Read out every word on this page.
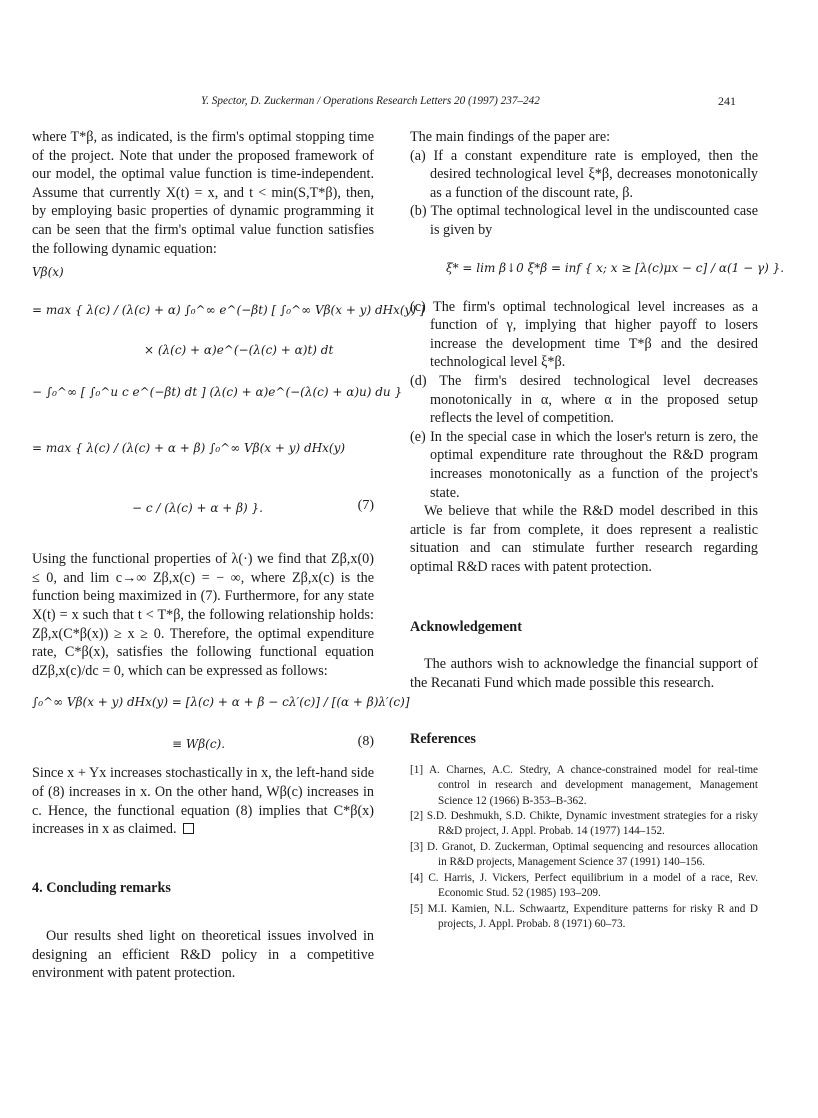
Y. Spector, D. Zuckerman / Operations Research Letters 20 (1997) 237–242	241

where T*β, as indicated, is the firm's optimal stopping time of the project. Note that under the proposed framework of our model, the optimal value function is time-independent. Assume that currently X(t) = x, and t < min(S,T*β), then, by employing basic properties of dynamic programming it can be seen that the firm's optimal value function satisfies the following dynamic equation:

Vβ(x)
= max { λ(c) / (λ(c) + α) ∫₀^∞ e^(−βt) [ ∫₀^∞ Vβ(x + y) dHx(y) ]
× (λ(c) + α)e^(−(λ(c) + α)t) dt
− ∫₀^∞ [ ∫₀^u c e^(−βt) dt ] (λ(c) + α)e^(−(λ(c) + α)u) du }
= max { λ(c) / (λ(c) + α + β) ∫₀^∞ Vβ(x + y) dHx(y)
− c / (λ(c) + α + β) }.	(7)

Using the functional properties of λ(·) we find that Zβ,x(0) ≤ 0, and lim c→∞ Zβ,x(c) = − ∞, where Zβ,x(c) is the function being maximized in (7). Furthermore, for any state X(t) = x such that t < T*β, the following relationship holds: Zβ,x(C*β(x)) ≥ x ≥ 0. Therefore, the optimal expenditure rate, C*β(x), satisfies the following functional equation dZβ,x(c)/dc = 0, which can be expressed as follows:

∫₀^∞ Vβ(x + y) dHx(y) = [λ(c) + α + β − cλ′(c)] / [(α + β)λ′(c)]
≡ Wβ(c).	(8)

Since x + Yx increases stochastically in x, the left-hand side of (8) increases in x. On the other hand, Wβ(c) increases in c. Hence, the functional equation (8) implies that C*β(x) increases in x as claimed.

4. Concluding remarks

Our results shed light on theoretical issues involved in designing an efficient R&D policy in a competitive environment with patent protection.

The main findings of the paper are:

(a) If a constant expenditure rate is employed, then the desired technological level ξ*β, decreases monotonically as a function of the discount rate, β.

(b) The optimal technological level in the undiscounted case is given by

ξ* = lim β↓0 ξ*β = inf { x; x ≥ [λ(c)μx − c] / α(1 − γ) }.

(c) The firm's optimal technological level increases as a function of γ, implying that higher payoff to losers increase the development time T*β and the desired technological level ξ*β.

(d) The firm's desired technological level decreases monotonically in α, where α in the proposed setup reflects the level of competition.

(e) In the special case in which the loser's return is zero, the optimal expenditure rate throughout the R&D program increases monotonically as a function of the project's state.

We believe that while the R&D model described in this article is far from complete, it does represent a realistic situation and can stimulate further research regarding optimal R&D races with patent protection.

Acknowledgement

The authors wish to acknowledge the financial support of the Recanati Fund which made possible this research.

References

[1] A. Charnes, A.C. Stedry, A chance-constrained model for real-time control in research and development management, Management Science 12 (1966) B-353–B-362.

[2] S.D. Deshmukh, S.D. Chikte, Dynamic investment strategies for a risky R&D project, J. Appl. Probab. 14 (1977) 144–152.

[3] D. Granot, D. Zuckerman, Optimal sequencing and resources allocation in R&D projects, Management Science 37 (1991) 140–156.

[4] C. Harris, J. Vickers, Perfect equilibrium in a model of a race, Rev. Economic Stud. 52 (1985) 193–209.

[5] M.I. Kamien, N.L. Schwaartz, Expenditure patterns for risky R and D projects, J. Appl. Probab. 8 (1971) 60–73.
